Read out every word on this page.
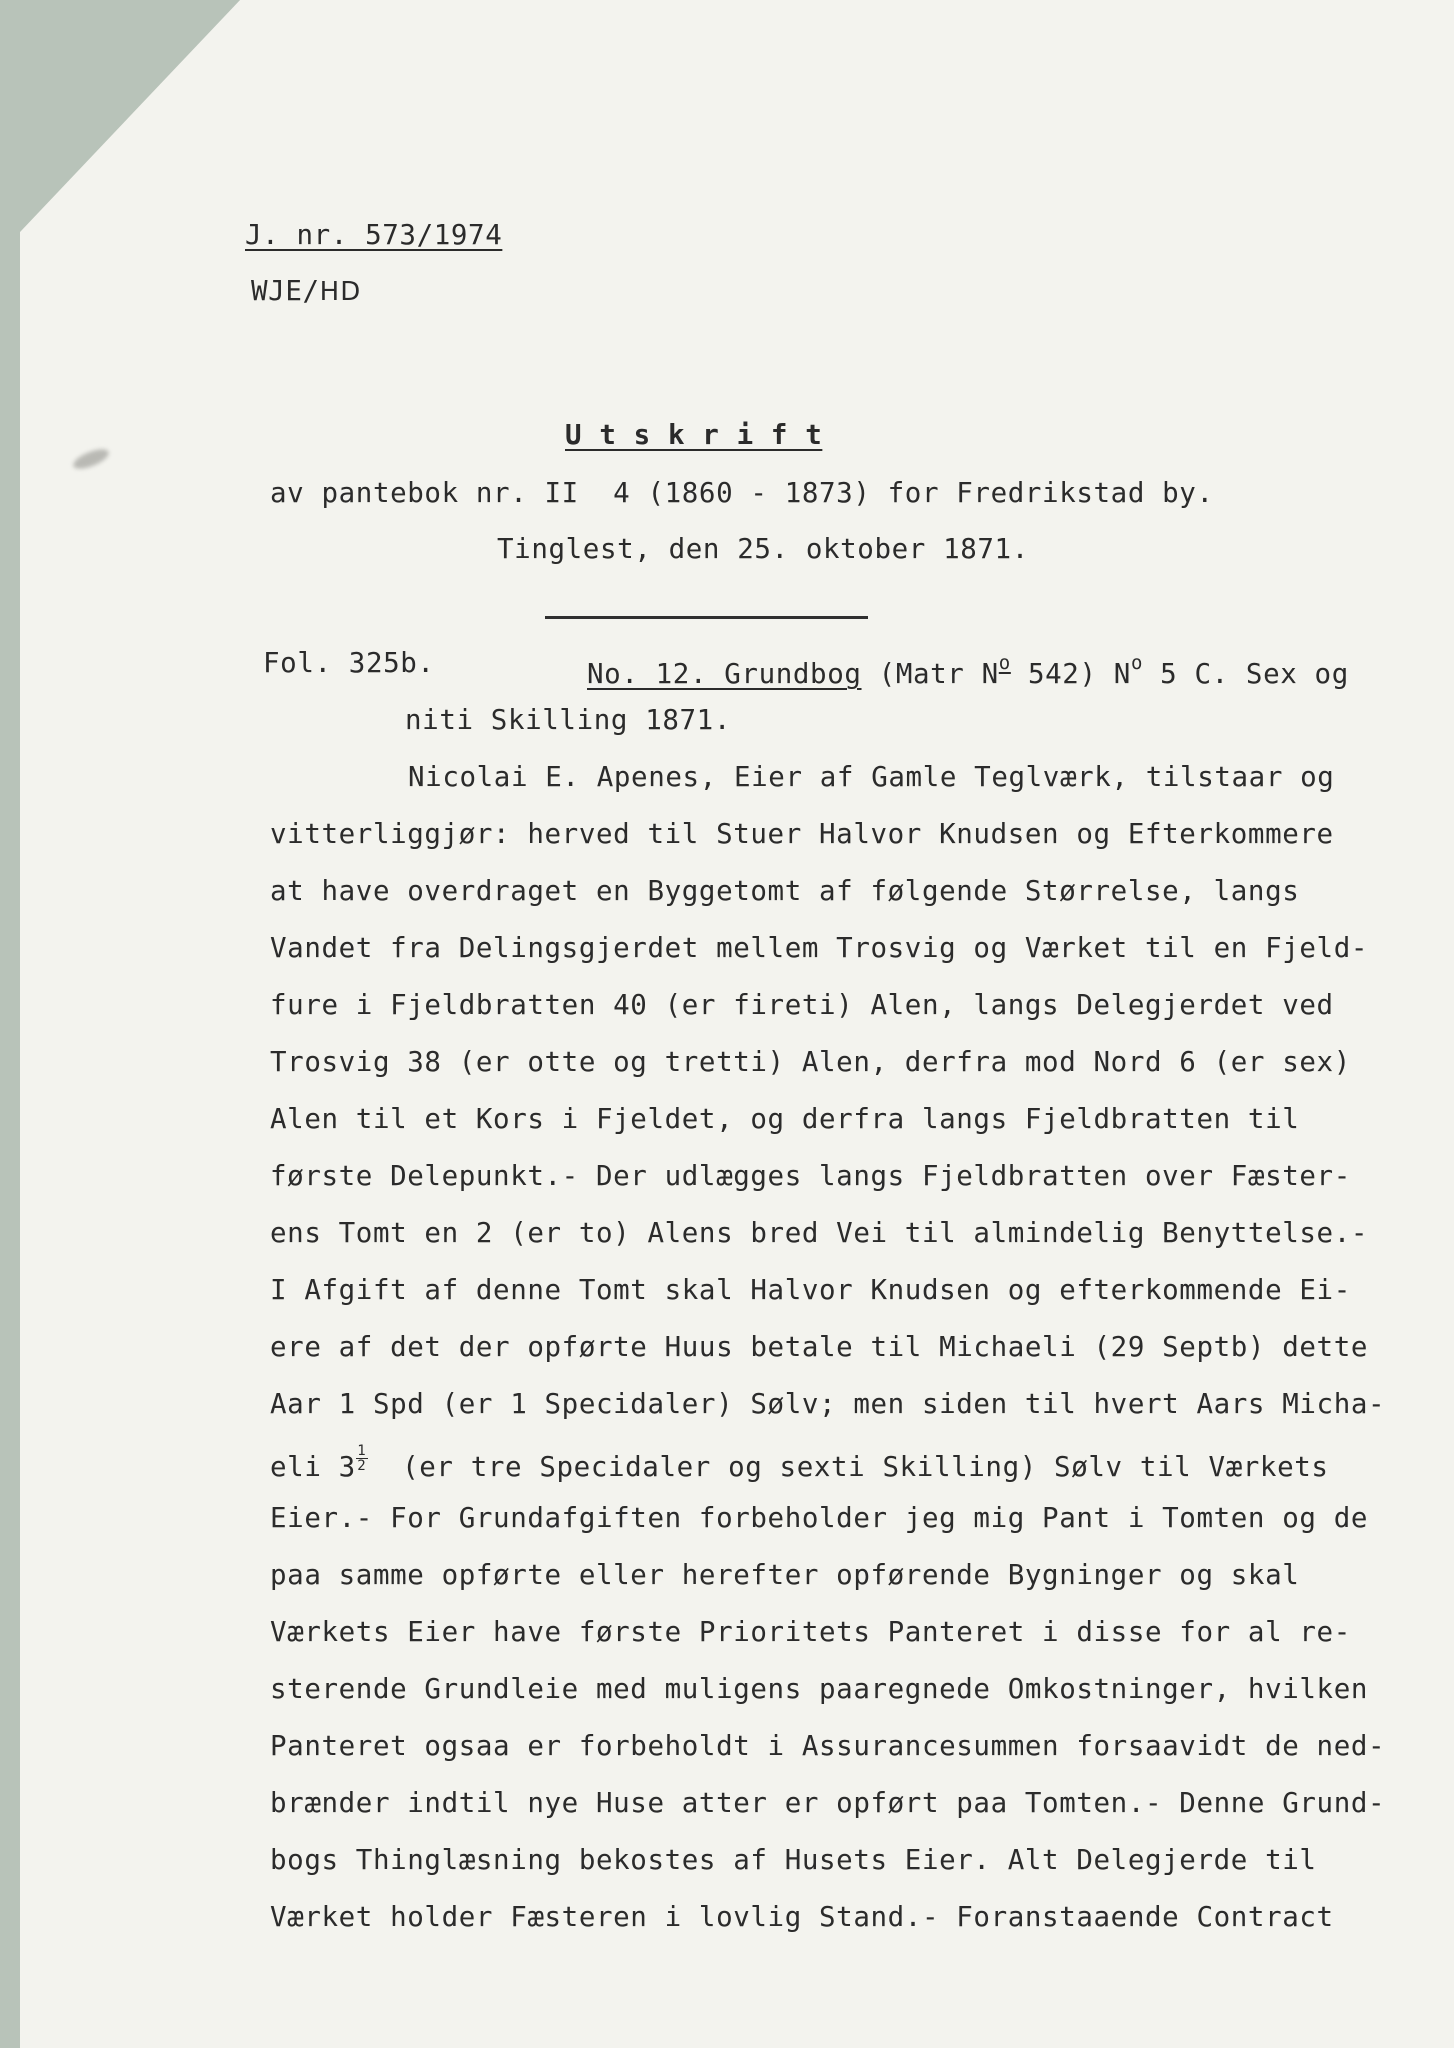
J. nr. 573/1974
WJE/HD
U t s k r i f t
av pantebok nr. II  4 (1860 - 1873) for Fredrikstad by.
Tinglest, den 25. oktober 1871.
Fol. 325b.	No. 12. Grundbog (Matr $N^o$ 542) $N^o$ 5 C. Sex og
niti Skilling 1871.
Nicolai E. Apenes, Eier af Gamle Teglværk, tilstaar og
vitterliggjør: herved til Stuer Halvor Knudsen og Efterkommere
at have overdraget en Byggetomt af følgende Størrelse, langs
Vandet fra Delingsgjerdet mellem Trosvig og Værket til en Fjeld-
fure i Fjeldbratten 40 (er fireti) Alen, langs Delegjerdet ved
Trosvig 38 (er otte og tretti) Alen, derfra mod Nord 6 (er sex)
Alen til et Kors i Fjeldet, og derfra langs Fjeldbratten til
første Delepunkt.- Der udlægges langs Fjeldbratten over Fæster-
ens Tomt en 2 (er to) Alens bred Vei til almindelig Benyttelse.-
I Afgift af denne Tomt skal Halvor Knudsen og efterkommende Ei-
ere af det der opførte Huus betale til Michaeli (29 Septb) dette
Aar 1 Spd (er 1 Specidaler) Sølv; men siden til hvert Aars Micha-
eli $3 \frac{1}{2} (er$ tre Specidaler og sexti Skilling) Sølv til Værkets
Eier.- For Grundafgiften forbeholder jeg mig Pant i Tomten og de
paa samme opførte eller herefter opførende Bygninger og skal
Værkets Eier have første Prioritets Panteret i disse for al re-
sterende Grundleie med muligens paaregnede Omkostninger, hvilken
Panteret ogsaa er forbeholdt i Assurancesummen forsaavidt de ned-
brænder indtil nye Huse atter er opført paa Tomten.- Denne Grund-
bogs Thinglæsning bekostes af Husets Eier. Alt Delegjerde til
Værket holder Fæsteren i lovlig Stand.- Foranstaaende Contract
